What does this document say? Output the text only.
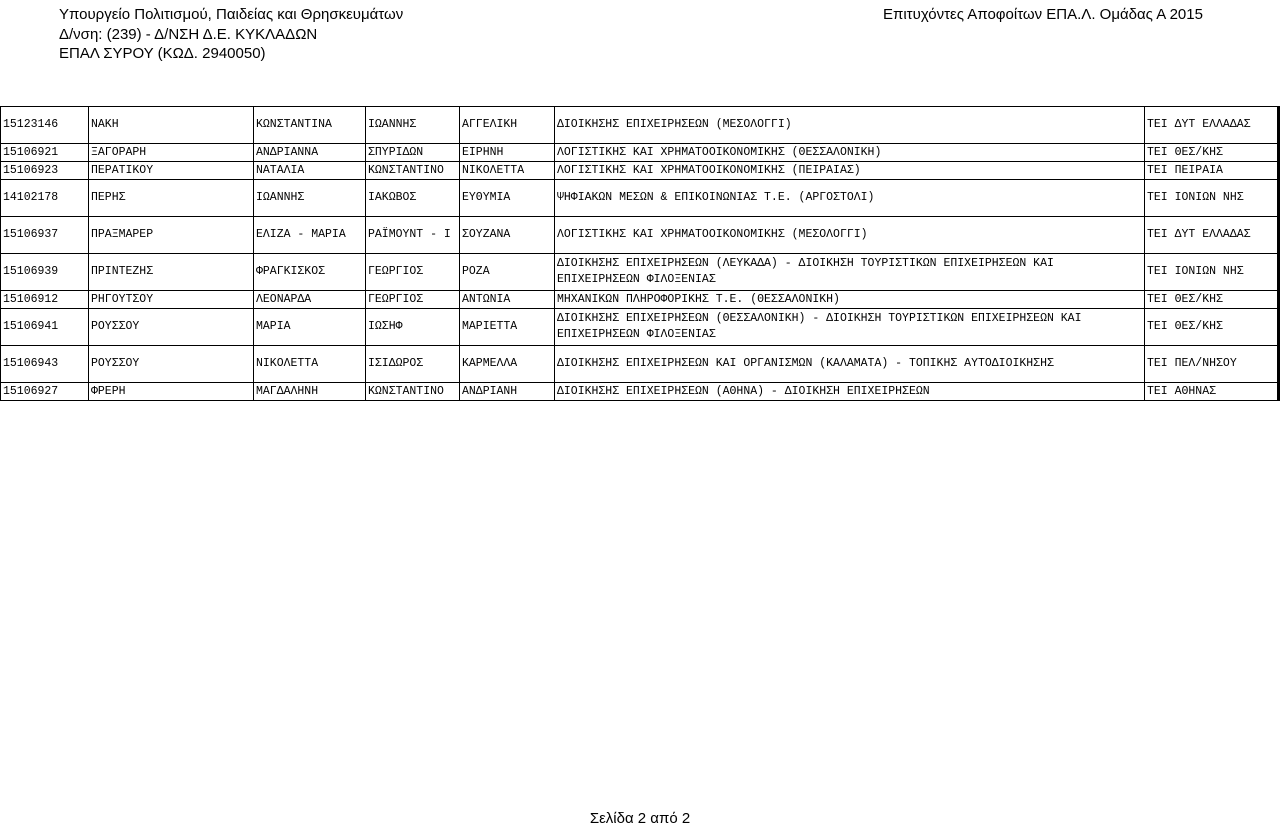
Υπουργείο Πολιτισμού, Παιδείας και Θρησκευμάτων
Δ/νση: (239) - Δ/ΝΣΗ Δ.Ε. ΚΥΚΛΑΔΩΝ
ΕΠΑΛ ΣΥΡΟΥ (ΚΩΔ. 2940050)
Επιτυχόντες Αποφοίτων ΕΠΑ.Λ. Ομάδας Α 2015
15123146	ΝΑΚΗ	ΚΩΝΣΤΑΝΤΙΝΑ	ΙΩΑΝΝΗΣ	ΑΓΓΕΛΙΚΗ	ΔΙΟΙΚΗΣΗΣ ΕΠΙΧΕΙΡΗΣΕΩΝ (ΜΕΣΟΛΟΓΓΙ)	ΤΕΙ ΔΥΤ ΕΛΛΑΔΑΣ
15106921	ΞΑΓΟΡΑΡΗ	ΑΝΔΡΙΑΝΝΑ	ΣΠΥΡΙΔΩΝ	ΕΙΡΗΝΗ	ΛΟΓΙΣΤΙΚΗΣ ΚΑΙ ΧΡΗΜΑΤΟΟΙΚΟΝΟΜΙΚΗΣ (ΘΕΣΣΑΛΟΝΙΚΗ)	ΤΕΙ ΘΕΣ/ΚΗΣ
15106923	ΠΕΡΑΤΙΚΟΥ	ΝΑΤΑΛΙΑ	ΚΩΝΣΤΑΝΤΙΝΟ	ΝΙΚΟΛΕΤΤΑ	ΛΟΓΙΣΤΙΚΗΣ ΚΑΙ ΧΡΗΜΑΤΟΟΙΚΟΝΟΜΙΚΗΣ (ΠΕΙΡΑΙΑΣ)	ΤΕΙ ΠΕΙΡΑΙΑ
14102178	ΠΕΡΗΣ	ΙΩΑΝΝΗΣ	ΙΑΚΩΒΟΣ	ΕΥΘΥΜΙΑ	ΨΗΦΙΑΚΩΝ ΜΕΣΩΝ & ΕΠΙΚΟΙΝΩΝΙΑΣ Τ.Ε. (ΑΡΓΟΣΤΟΛΙ)	ΤΕΙ ΙΟΝΙΩΝ ΝΗΣ
15106937	ΠΡΑΞΜΑΡΕΡ	ΕΛΙΖΑ - ΜΑΡΙΑ	ΡΑΪΜΟΥΝΤ - Ι	ΣΟΥΖΑΝΑ	ΛΟΓΙΣΤΙΚΗΣ ΚΑΙ ΧΡΗΜΑΤΟΟΙΚΟΝΟΜΙΚΗΣ (ΜΕΣΟΛΟΓΓΙ)	ΤΕΙ ΔΥΤ ΕΛΛΑΔΑΣ
15106939	ΠΡΙΝΤΕΖΗΣ	ΦΡΑΓΚΙΣΚΟΣ	ΓΕΩΡΓΙΟΣ	ΡΟΖΑ	ΔΙΟΙΚΗΣΗΣ ΕΠΙΧΕΙΡΗΣΕΩΝ (ΛΕΥΚΑΔΑ) - ΔΙΟΙΚΗΣΗ ΤΟΥΡΙΣΤΙΚΩΝ ΕΠΙΧΕΙΡΗΣΕΩΝ ΚΑΙ ΕΠΙΧΕΙΡΗΣΕΩΝ ΦΙΛΟΞΕΝΙΑΣ	ΤΕΙ ΙΟΝΙΩΝ ΝΗΣ
15106912	ΡΗΓΟΥΤΣΟΥ	ΛΕΟΝΑΡΔΑ	ΓΕΩΡΓΙΟΣ	ΑΝΤΩΝΙΑ	ΜΗΧΑΝΙΚΩΝ ΠΛΗΡΟΦΟΡΙΚΗΣ Τ.Ε. (ΘΕΣΣΑΛΟΝΙΚΗ)	ΤΕΙ ΘΕΣ/ΚΗΣ
15106941	ΡΟΥΣΣΟΥ	ΜΑΡΙΑ	ΙΩΣΗΦ	ΜΑΡΙΕΤΤΑ	ΔΙΟΙΚΗΣΗΣ ΕΠΙΧΕΙΡΗΣΕΩΝ (ΘΕΣΣΑΛΟΝΙΚΗ) - ΔΙΟΙΚΗΣΗ ΤΟΥΡΙΣΤΙΚΩΝ ΕΠΙΧΕΙΡΗΣΕΩΝ ΚΑΙ ΕΠΙΧΕΙΡΗΣΕΩΝ ΦΙΛΟΞΕΝΙΑΣ	ΤΕΙ ΘΕΣ/ΚΗΣ
15106943	ΡΟΥΣΣΟΥ	ΝΙΚΟΛΕΤΤΑ	ΙΣΙΔΩΡΟΣ	ΚΑΡΜΕΛΛΑ	ΔΙΟΙΚΗΣΗΣ ΕΠΙΧΕΙΡΗΣΕΩΝ ΚΑΙ ΟΡΓΑΝΙΣΜΩΝ (ΚΑΛΑΜΑΤΑ) - ΤΟΠΙΚΗΣ ΑΥΤΟΔΙΟΙΚΗΣΗΣ	ΤΕΙ ΠΕΛ/ΝΗΣΟΥ
15106927	ΦΡΕΡΗ	ΜΑΓΔΑΛΗΝΗ	ΚΩΝΣΤΑΝΤΙΝΟ	ΑΝΔΡΙΑΝΗ	ΔΙΟΙΚΗΣΗΣ ΕΠΙΧΕΙΡΗΣΕΩΝ (ΑΘΗΝΑ) - ΔΙΟΙΚΗΣΗ ΕΠΙΧΕΙΡΗΣΕΩΝ	ΤΕΙ ΑΘΗΝΑΣ
Σελίδα 2 από 2
